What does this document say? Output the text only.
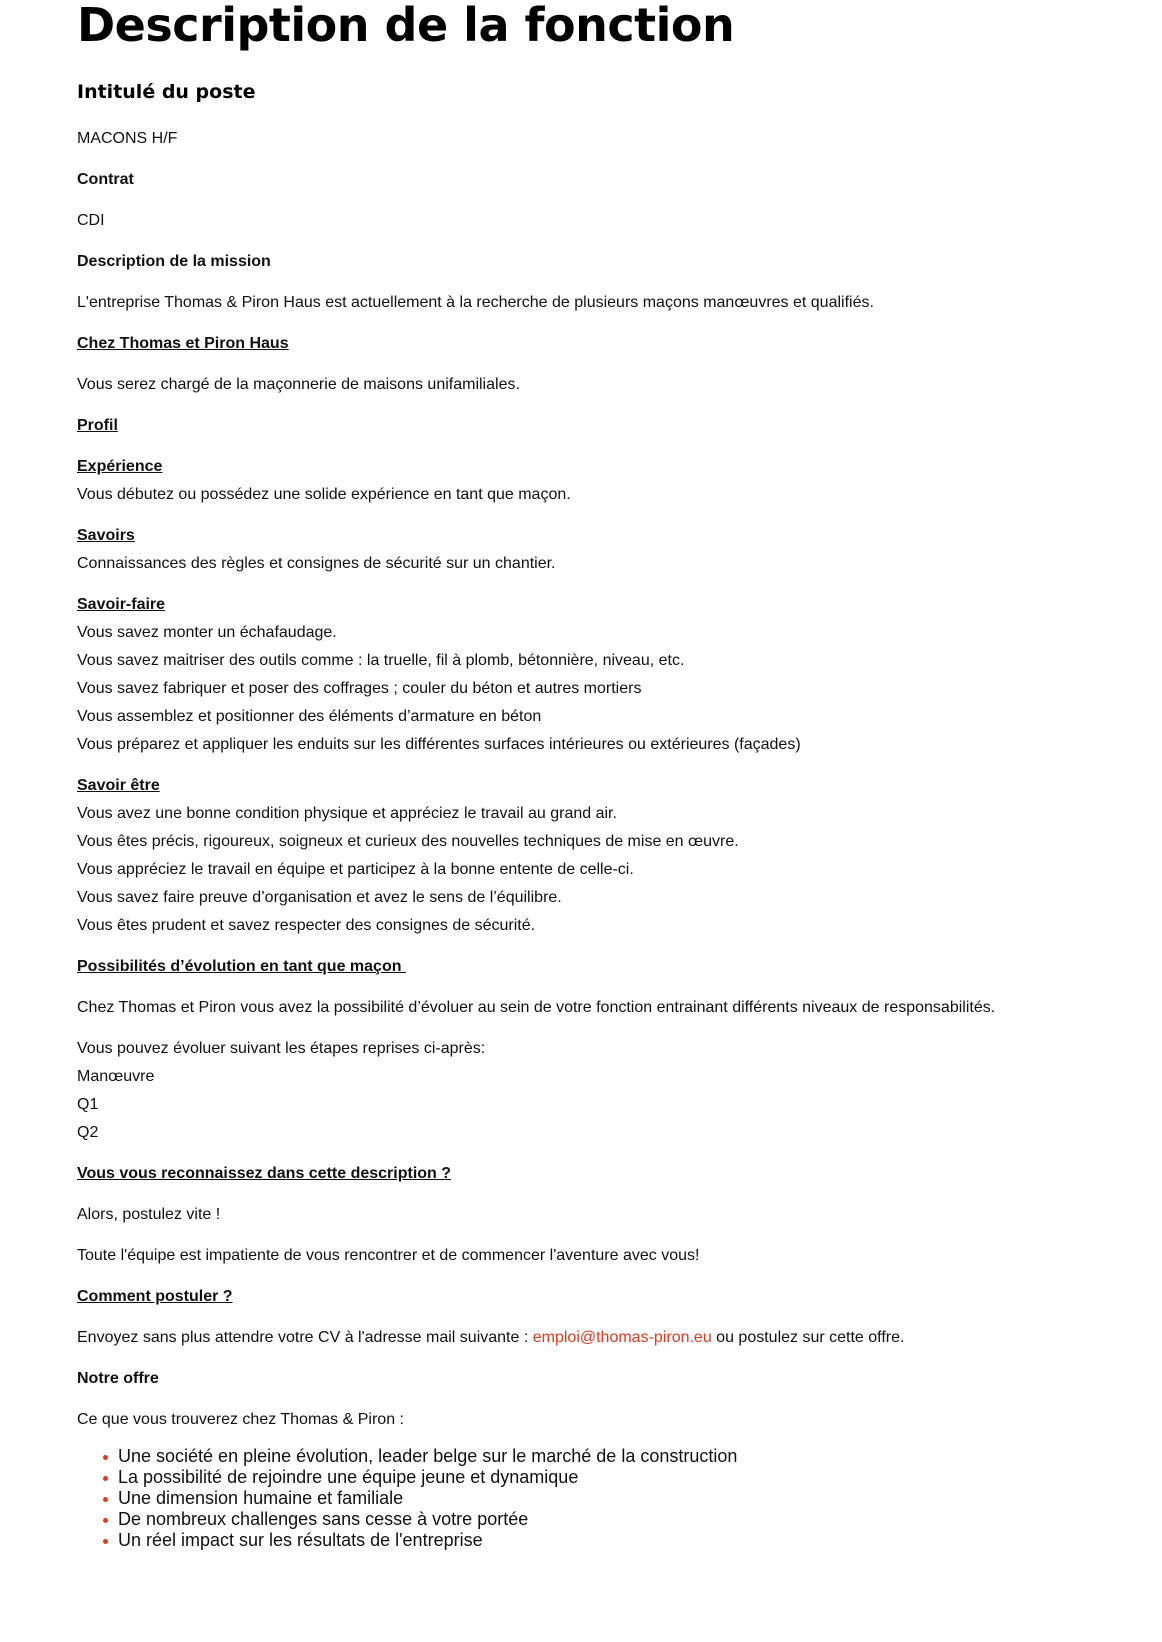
Description de la fonction
Intitulé du poste

MACONS H/F

Contrat

CDI

Description de la mission

L'entreprise Thomas & Piron Haus est actuellement à la recherche de plusieurs maçons manœuvres et qualifiés.

Chez Thomas et Piron Haus

Vous serez chargé de la maçonnerie de maisons unifamiliales.

Profil

Expérience
Vous débutez ou possédez une solide expérience en tant que maçon.
Savoirs
Connaissances des règles et consignes de sécurité sur un chantier.
Savoir-faire
Vous savez monter un échafaudage.
Vous savez maitriser des outils comme : la truelle, fil à plomb, bétonnière, niveau, etc.
Vous savez fabriquer et poser des coffrages ; couler du béton et autres mortiers
Vous assemblez et positionner des éléments d’armature en béton
Vous préparez et appliquer les enduits sur les différentes surfaces intérieures ou extérieures (façades)
Savoir être
Vous avez une bonne condition physique et appréciez le travail au grand air.
Vous êtes précis, rigoureux, soigneux et curieux des nouvelles techniques de mise en œuvre.
Vous appréciez le travail en équipe et participez à la bonne entente de celle-ci.
Vous savez faire preuve d’organisation et avez le sens de l’équilibre.
Vous êtes prudent et savez respecter des consignes de sécurité.

Possibilités d’évolution en tant que maçon

Chez Thomas et Piron vous avez la possibilité d’évoluer au sein de votre fonction entrainant différents niveaux de responsabilités.

Vous pouvez évoluer suivant les étapes reprises ci-après:
Manœuvre
Q1
Q2

Vous vous reconnaissez dans cette description ?

Alors, postulez vite !

Toute l'équipe est impatiente de vous rencontrer et de commencer l'aventure avec vous!

Comment postuler ?

Envoyez sans plus attendre votre CV à l'adresse mail suivante : emploi@thomas-piron.eu ou postulez sur cette offre.

Notre offre

Ce que vous trouverez chez Thomas & Piron :

Une société en pleine évolution, leader belge sur le marché de la construction
La possibilité de rejoindre une équipe jeune et dynamique
Une dimension humaine et familiale
De nombreux challenges sans cesse à votre portée
Un réel impact sur les résultats de l'entreprise
